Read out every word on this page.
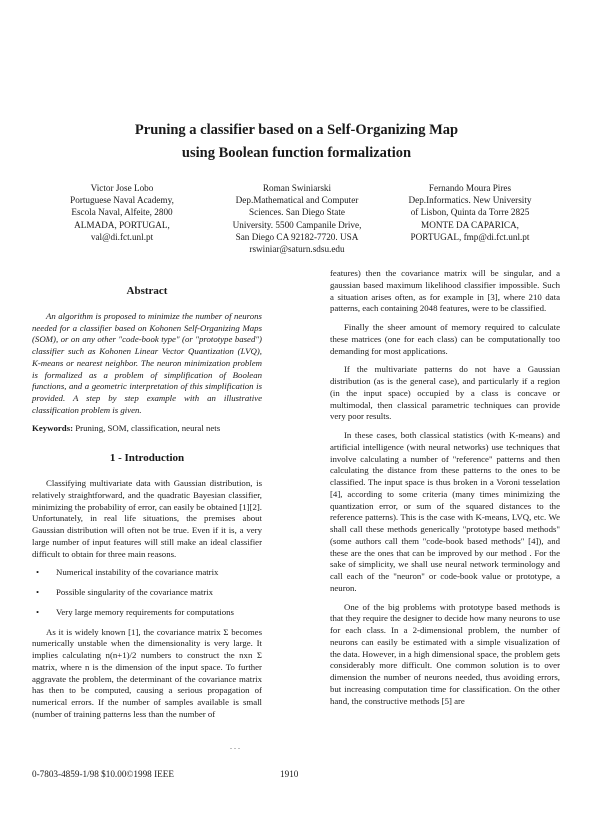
Pruning a classifier based on a Self-Organizing Map
using Boolean function formalization
Victor Jose Lobo
Portuguese Naval Academy,
Escola Naval, Alfeite, 2800
ALMADA, PORTUGAL,
val@di.fct.unl.pt
Roman Swiniarski
Dep.Mathematical and Computer
Sciences. San Diego State
University. 5500 Campanile Drive,
San Diego CA 92182-7720. USA
rswiniar@saturn.sdsu.edu
Fernando Moura Pires
Dep.Informatics. New University
of Lisbon, Quinta da Torre 2825
MONTE DA CAPARICA,
PORTUGAL, fmp@di.fct.unl.pt
Abstract

An algorithm is proposed to minimize the number of neurons needed for a classifier based on Kohonen Self-Organizing Maps (SOM), or on any other "code-book type" (or "prototype based") classifier such as Kohonen Linear Vector Quantization (LVQ), K-means or nearest neighbor. The neuron minimization problem is formalized as a problem of simplification of Boolean functions, and a geometric interpretation of this simplification is provided. A step by step example with an illustrative classification problem is given.

Keywords: Pruning, SOM, classification, neural nets

1 - Introduction

Classifying multivariate data with Gaussian distribution, is relatively straightforward, and the quadratic Bayesian classifier, minimizing the probability of error, can easily be obtained [1][2]. Unfortunately, in real life situations, the premises about Gaussian distribution will often not be true. Even if it is, a very large number of input features will still make an ideal classifier difficult to obtain for three main reasons.

• Numerical instability of the covariance matrix
• Possible singularity of the covariance matrix
• Very large memory requirements for computations

As it is widely known [1], the covariance matrix Σ becomes numerically unstable when the dimensionality is very large. It implies calculating n(n+1)/2 numbers to construct the nxn Σ matrix, where n is the dimension of the input space. To further aggravate the problem, the determinant of the covariance matrix has then to be computed, causing a serious propagation of numerical errors. If the number of samples available is small (number of training patterns less than the number of

features) then the covariance matrix will be singular, and a gaussian based maximum likelihood classifier impossible. Such a situation arises often, as for example in [3], where 210 data patterns, each containing 2048 features, were to be classified.

Finally the sheer amount of memory required to calculate these matrices (one for each class) can be computationally too demanding for most applications.

If the multivariate patterns do not have a Gaussian distribution (as is the general case), and particularly if a region (in the input space) occupied by a class is concave or multimodal, then classical parametric techniques can provide very poor results.

In these cases, both classical statistics (with K-means) and artificial intelligence (with neural networks) use techniques that involve calculating a number of "reference" patterns and then calculating the distance from these patterns to the ones to be classified. The input space is thus broken in a Voroni tesselation [4], according to some criteria (many times minimizing the quantization error, or sum of the squared distances to the reference patterns). This is the case with K-means, LVQ, etc. We shall call these methods generically "prototype based methods" (some authors call them "code-book based methods" [4]), and these are the ones that can be improved by our method . For the sake of simplicity, we shall use neural network terminology and call each of the "neuron" or code-book value or prototype, a neuron.

One of the big problems with prototype based methods is that they require the designer to decide how many neurons to use for each class. In a 2-dimensional problem, the number of neurons can easily be estimated with a simple visualization of the data. However, in a high dimensional space, the problem gets considerably more difficult. One common solution is to over dimension the number of neurons needed, thus avoiding errors, but increasing computation time for classification. On the other hand, the constructive methods [5] are

. . .
0-7803-4859-1/98 $10.00©1998 IEEE	1910
